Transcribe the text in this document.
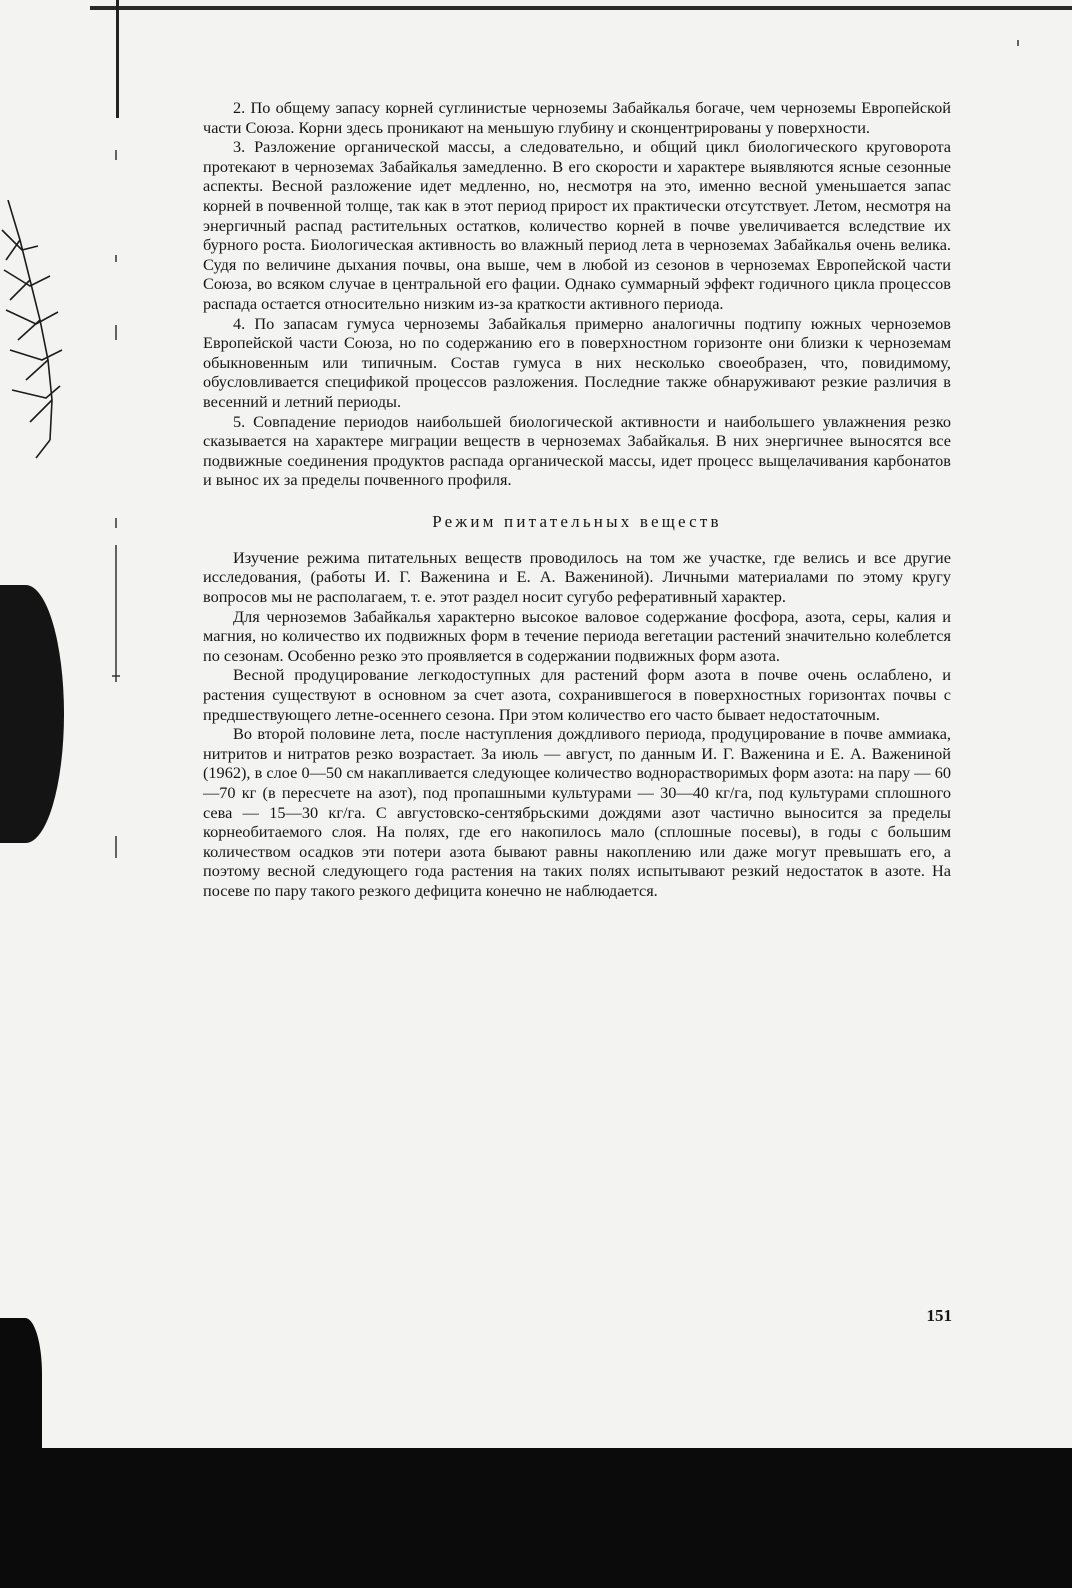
2. По общему запасу корней суглинистые черноземы Забайкалья богаче, чем черноземы Европейской части Союза. Корни здесь проникают на меньшую глубину и сконцентрированы у поверхности.

3. Разложение органической массы, а следовательно, и общий цикл биологического круговорота протекают в черноземах Забайкалья замедленно. В его скорости и характере выявляются ясные сезонные аспекты. Весной разложение идет медленно, но, несмотря на это, именно весной уменьшается запас корней в почвенной толще, так как в этот период прирост их практически отсутствует. Летом, несмотря на энергичный распад растительных остатков, количество корней в почве увеличивается вследствие их бурного роста. Биологическая активность во влажный период лета в черноземах Забайкалья очень велика. Судя по величине дыхания почвы, она выше, чем в любой из сезонов в черноземах Европейской части Союза, во всяком случае в центральной его фации. Однако суммарный эффект годичного цикла процессов распада остается относительно низким из-за краткости активного периода.

4. По запасам гумуса черноземы Забайкалья примерно аналогичны подтипу южных черноземов Европейской части Союза, но по содержанию его в поверхностном горизонте они близки к черноземам обыкновенным или типичным. Состав гумуса в них несколько своеобразен, что, повидимому, обусловливается спецификой процессов разложения. Последние также обнаруживают резкие различия в весенний и летний периоды.

5. Совпадение периодов наибольшей биологической активности и наибольшего увлажнения резко сказывается на характере миграции веществ в черноземах Забайкалья. В них энергичнее выносятся все подвижные соединения продуктов распада органической массы, идет процесс выщелачивания карбонатов и вынос их за пределы почвенного профиля.

Режим питательных веществ

Изучение режима питательных веществ проводилось на том же участке, где велись и все другие исследования, (работы И. Г. Важенина и Е. А. Важениной). Личными материалами по этому кругу вопросов мы не располагаем, т. е. этот раздел носит сугубо реферативный характер.

Для черноземов Забайкалья характерно высокое валовое содержание фосфора, азота, серы, калия и магния, но количество их подвижных форм в течение периода вегетации растений значительно колеблется по сезонам. Особенно резко это проявляется в содержании подвижных форм азота.

Весной продуцирование легкодоступных для растений форм азота в почве очень ослаблено, и растения существуют в основном за счет азота, сохранившегося в поверхностных горизонтах почвы с предшествующего летне-осеннего сезона. При этом количество его часто бывает недостаточным.

Во второй половине лета, после наступления дождливого периода, продуцирование в почве аммиака, нитритов и нитратов резко возрастает. За июль — август, по данным И. Г. Важенина и Е. А. Важениной (1962), в слое 0—50 см накапливается следующее количество воднорастворимых форм азота: на пару — 60—70 кг (в пересчете на азот), под пропашными культурами — 30—40 кг/га, под культурами сплошного сева — 15—30 кг/га. С августовско-сентябрьскими дождями азот частично выносится за пределы корнеобитаемого слоя. На полях, где его накопилось мало (сплошные посевы), в годы с большим количеством осадков эти потери азота бывают равны накоплению или даже могут превышать его, а поэтому весной следующего года растения на таких полях испытывают резкий недостаток в азоте. На посеве по пару такого резкого дефицита конечно не наблюдается.

151
